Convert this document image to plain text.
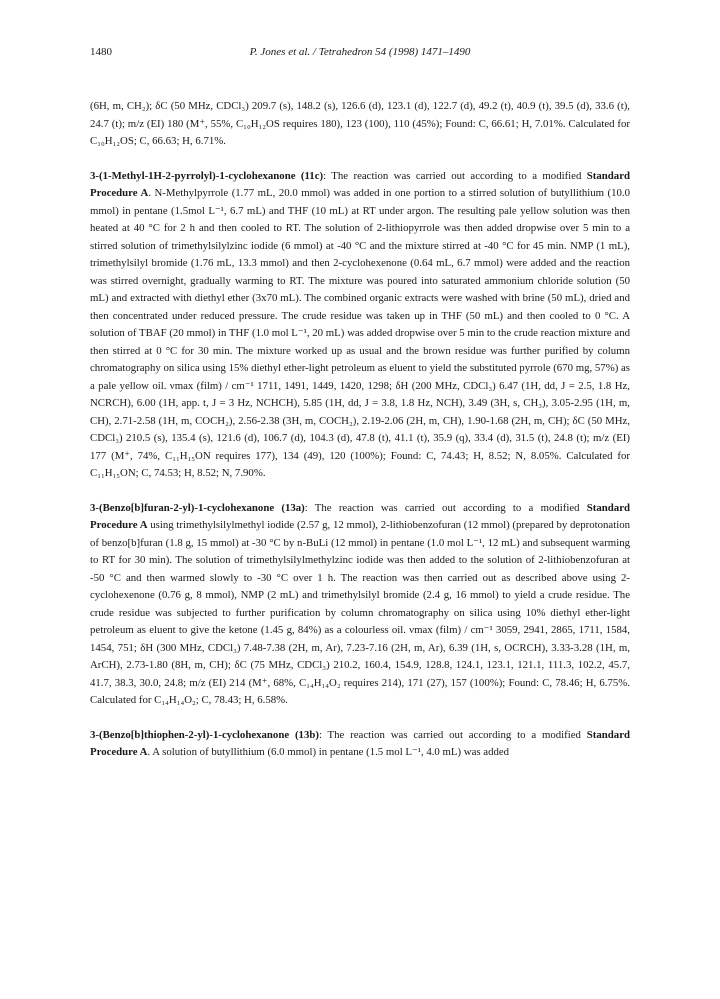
1480	P. Jones et al. / Tetrahedron 54 (1998) 1471–1490

(6H, m, CH₂); δC (50 MHz, CDCl₃) 209.7 (s), 148.2 (s), 126.6 (d), 123.1 (d), 122.7 (d), 49.2 (t), 40.9 (t), 39.5 (d), 33.6 (t), 24.7 (t); m/z (EI) 180 (M⁺, 55%, C₁₀H₁₂OS requires 180), 123 (100), 110 (45%); Found: C, 66.61; H, 7.01%. Calculated for C₁₀H₁₂OS; C, 66.63; H, 6.71%.

3-(1-Methyl-1H-2-pyrrolyl)-1-cyclohexanone (11c): The reaction was carried out according to a modified Standard Procedure A. N-Methylpyrrole (1.77 mL, 20.0 mmol) was added in one portion to a stirred solution of butyllithium (10.0 mmol) in pentane (1.5mol L⁻¹, 6.7 mL) and THF (10 mL) at RT under argon. The resulting pale yellow solution was then heated at 40 °C for 2 h and then cooled to RT. The solution of 2-lithiopyrrole was then added dropwise over 5 min to a stirred solution of trimethylsilylzinc iodide (6 mmol) at -40 °C and the mixture stirred at -40 °C for 45 min. NMP (1 mL), trimethylsilyl bromide (1.76 mL, 13.3 mmol) and then 2-cyclohexenone (0.64 mL, 6.7 mmol) were added and the reaction was stirred overnight, gradually warming to RT. The mixture was poured into saturated ammonium chloride solution (50 mL) and extracted with diethyl ether (3x70 mL). The combined organic extracts were washed with brine (50 mL), dried and then concentrated under reduced pressure. The crude residue was taken up in THF (50 mL) and then cooled to 0 °C. A solution of TBAF (20 mmol) in THF (1.0 mol L⁻¹, 20 mL) was added dropwise over 5 min to the crude reaction mixture and then stirred at 0 °C for 30 min. The mixture worked up as usual and the brown residue was further purified by column chromatography on silica using 15% diethyl ether-light petroleum as eluent to yield the substituted pyrrole (670 mg, 57%) as a pale yellow oil. νmax (film) / cm⁻¹ 1711, 1491, 1449, 1420, 1298; δH (200 MHz, CDCl₃) 6.47 (1H, dd, J = 2.5, 1.8 Hz, NCRCH), 6.00 (1H, app. t, J = 3 Hz, NCHCH), 5.85 (1H, dd, J = 3.8, 1.8 Hz, NCH), 3.49 (3H, s, CH₃), 3.05-2.95 (1H, m, CH), 2.71-2.58 (1H, m, COCH₂), 2.56-2.38 (3H, m, COCH₂), 2.19-2.06 (2H, m, CH), 1.90-1.68 (2H, m, CH); δC (50 MHz, CDCl₃) 210.5 (s), 135.4 (s), 121.6 (d), 106.7 (d), 104.3 (d), 47.8 (t), 41.1 (t), 35.9 (q), 33.4 (d), 31.5 (t), 24.8 (t); m/z (EI) 177 (M⁺, 74%, C₁₁H₁₅ON requires 177), 134 (49), 120 (100%); Found: C, 74.43; H, 8.52; N, 8.05%. Calculated for C₁₁H₁₅ON; C, 74.53; H, 8.52; N, 7.90%.

3-(Benzo[b]furan-2-yl)-1-cyclohexanone (13a): The reaction was carried out according to a modified Standard Procedure A using trimethylsilylmethyl iodide (2.57 g, 12 mmol), 2-lithiobenzofuran (12 mmol) (prepared by deprotonation of benzo[b]furan (1.8 g, 15 mmol) at -30 °C by n-BuLi (12 mmol) in pentane (1.0 mol L⁻¹, 12 mL) and subsequent warming to RT for 30 min). The solution of trimethylsilylmethylzinc iodide was then added to the solution of 2-lithiobenzofuran at -50 °C and then warmed slowly to -30 °C over 1 h. The reaction was then carried out as described above using 2-cyclohexenone (0.76 g, 8 mmol), NMP (2 mL) and trimethylsilyl bromide (2.4 g, 16 mmol) to yield a crude residue. The crude residue was subjected to further purification by column chromatography on silica using 10% diethyl ether-light petroleum as eluent to give the ketone (1.45 g, 84%) as a colourless oil. νmax (film) / cm⁻¹ 3059, 2941, 2865, 1711, 1584, 1454, 751; δH (300 MHz, CDCl₃) 7.48-7.38 (2H, m, Ar), 7.23-7.16 (2H, m, Ar), 6.39 (1H, s, OCRCH), 3.33-3.28 (1H, m, ArCH), 2.73-1.80 (8H, m, CH); δC (75 MHz, CDCl₃) 210.2, 160.4, 154.9, 128.8, 124.1, 123.1, 121.1, 111.3, 102.2, 45.7, 41.7, 38.3, 30.0, 24.8; m/z (EI) 214 (M⁺, 68%, C₁₄H₁₄O₂ requires 214), 171 (27), 157 (100%); Found: C, 78.46; H, 6.75%. Calculated for C₁₄H₁₄O₂; C, 78.43; H, 6.58%.

3-(Benzo[b]thiophen-2-yl)-1-cyclohexanone (13b): The reaction was carried out according to a modified Standard Procedure A. A solution of butyllithium (6.0 mmol) in pentane (1.5 mol L⁻¹, 4.0 mL) was added
